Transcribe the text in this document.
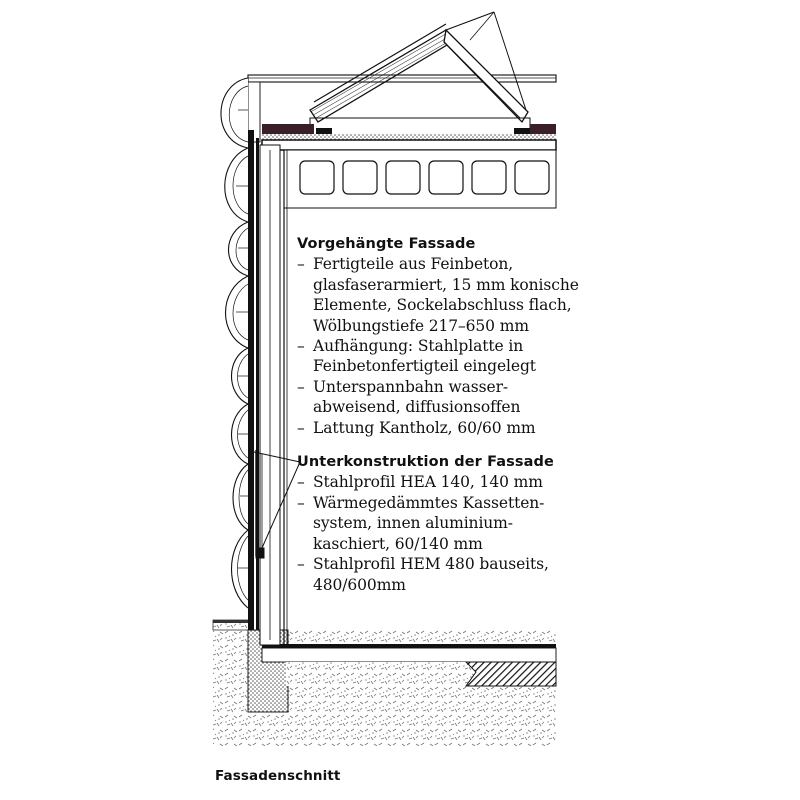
Vorgehängte Fassade
– Fertigteile aus Feinbeton, glasfaserarmiert, 15 mm konische Elemente, Sockelabschluss flach, Wölbungstiefe 217–650 mm
– Aufhängung: Stahlplatte in Feinbetonfertigteil eingelegt
– Unterspannbahn wasser-abweisend, diffusionsoffen
– Lattung Kantholz, 60/60 mm
Unterkonstruktion der Fassade
– Stahlprofil HEA 140, 140 mm
– Wärmegedämmtes Kassetten-system, innen aluminium-kaschiert, 60/140 mm
– Stahlprofil HEM 480 bauseits, 480/600mm
Fassadenschnitt
